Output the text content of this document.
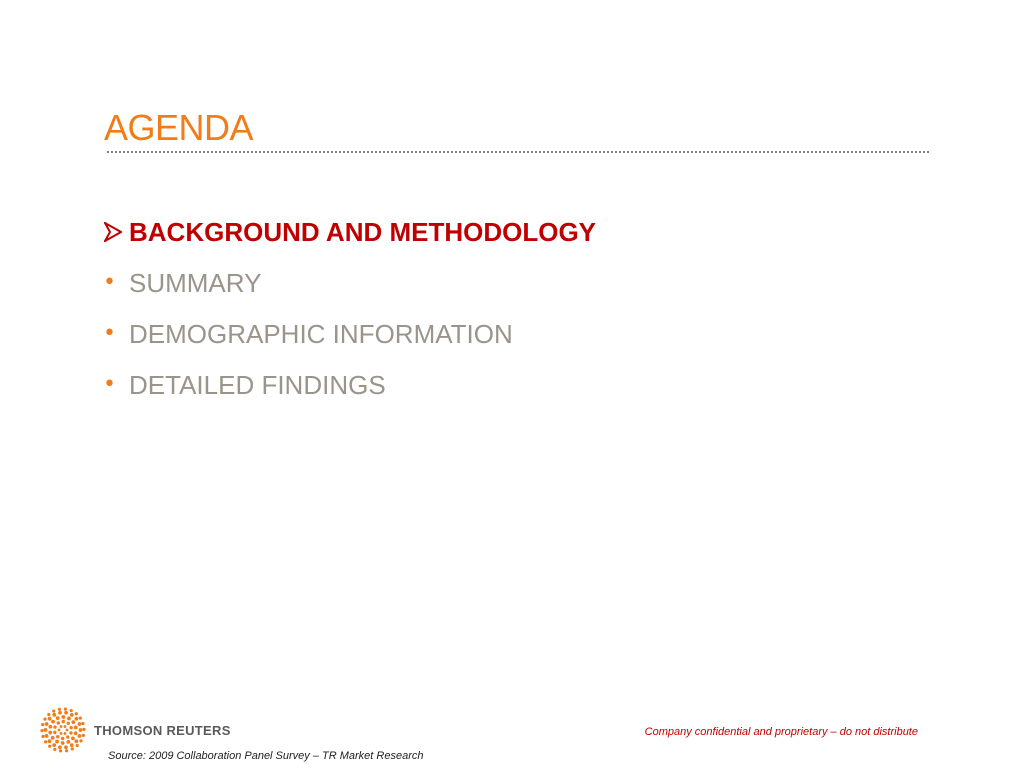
AGENDA
BACKGROUND AND METHODOLOGY
• SUMMARY
• DEMOGRAPHIC INFORMATION
• DETAILED FINDINGS
THOMSON REUTERS	Company confidential and proprietary – do not distribute
Source: 2009 Collaboration Panel Survey – TR Market Research
